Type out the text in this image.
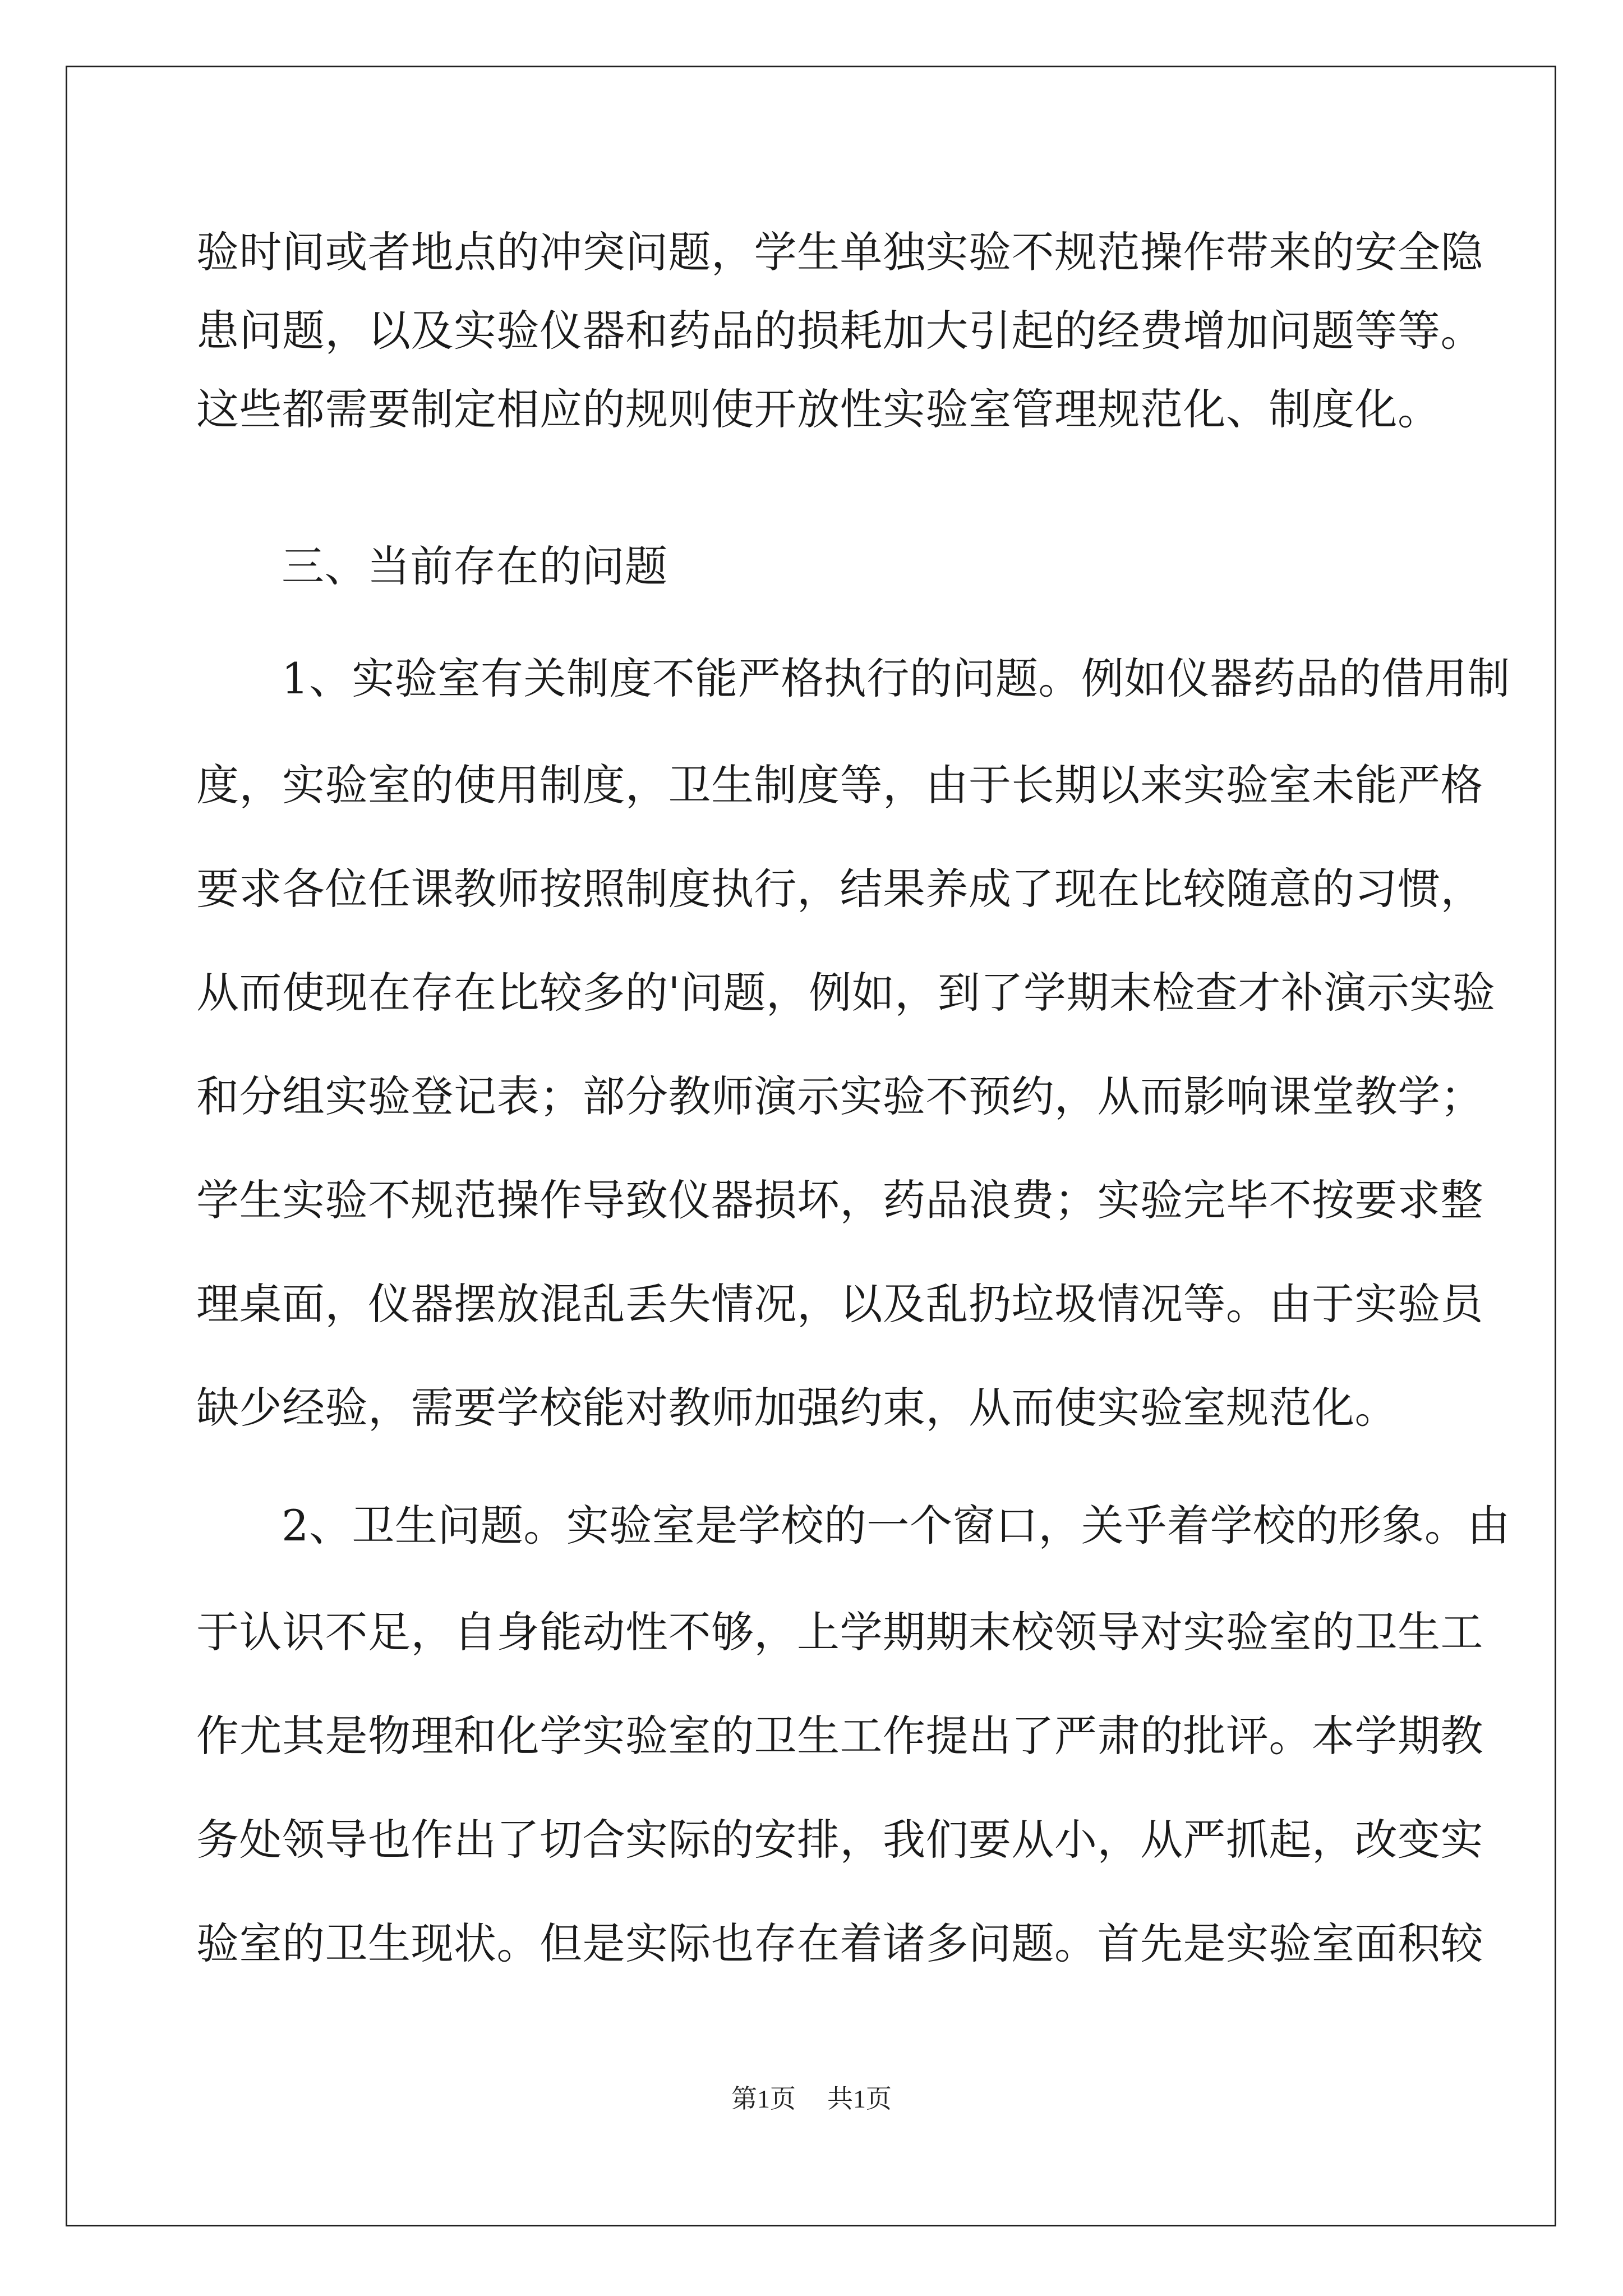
验时间或者地点的冲突问题，学生单独实验不规范操作带来的安全隐
患问题，以及实验仪器和药品的损耗加大引起的经费增加问题等等。
这些都需要制定相应的规则使开放性实验室管理规范化、制度化。
三、当前存在的问题
1、实验室有关制度不能严格执行的问题。例如仪器药品的借用制
度，实验室的使用制度，卫生制度等，由于长期以来实验室未能严格
要求各位任课教师按照制度执行，结果养成了现在比较随意的习惯，
从而使现在存在比较多的'问题，例如，到了学期末检查才补演示实验
和分组实验登记表；部分教师演示实验不预约，从而影响课堂教学；
学生实验不规范操作导致仪器损坏，药品浪费；实验完毕不按要求整
理桌面，仪器摆放混乱丢失情况，以及乱扔垃圾情况等。由于实验员
缺少经验，需要学校能对教师加强约束，从而使实验室规范化。
2、卫生问题。实验室是学校的一个窗口，关乎着学校的形象。由
于认识不足，自身能动性不够，上学期期末校领导对实验室的卫生工
作尤其是物理和化学实验室的卫生工作提出了严肃的批评。本学期教
务处领导也作出了切合实际的安排，我们要从小，从严抓起，改变实
验室的卫生现状。但是实际也存在着诸多问题。首先是实验室面积较
第1页 共1页
